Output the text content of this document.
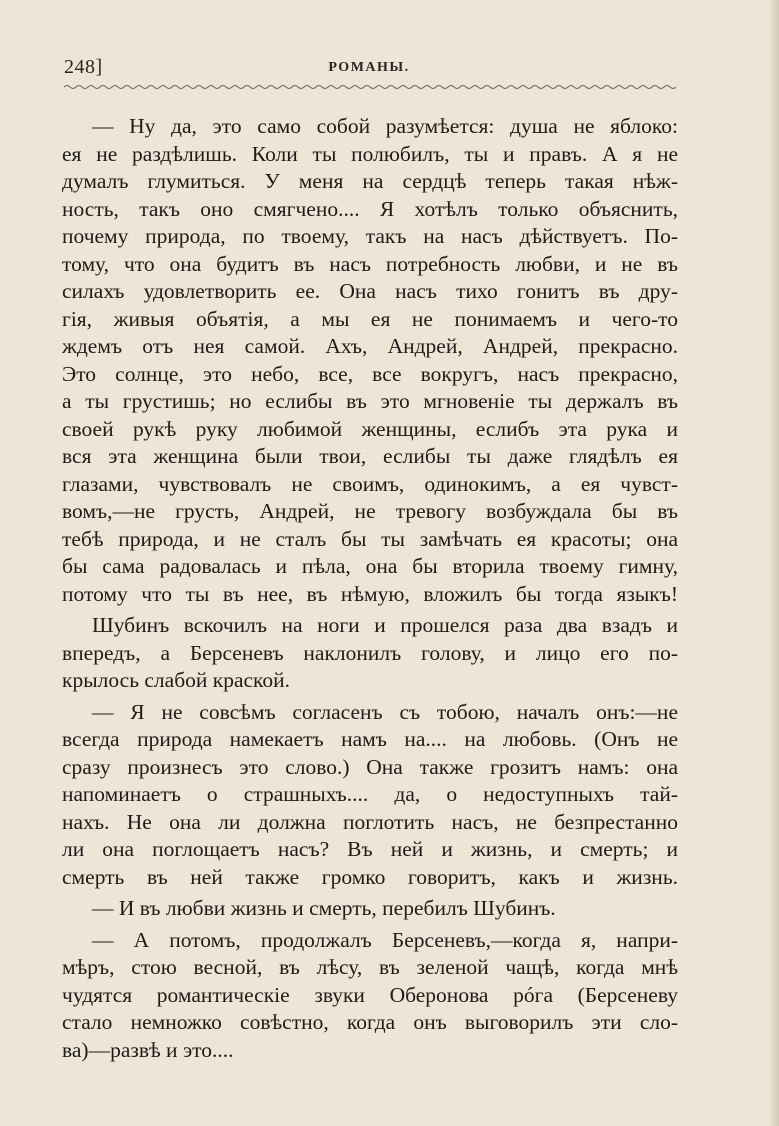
248]	РОМАНЫ.
— Ну да, это само собой разумѣется: душа не яблоко:
ея не раздѣлишь. Коли ты полюбилъ, ты и правъ. А я не
думалъ глумиться. У меня на сердцѣ теперь такая нѣж-
ность, такъ оно смягчено.... Я хотѣлъ только объяснить,
почему природа, по твоему, такъ на насъ дѣйствуетъ. По-
тому, что она будитъ въ насъ потребность любви, и не въ
силахъ удовлетворить ее. Она насъ тихо гонитъ въ дру-
гія, живыя объятія, а мы ея не понимаемъ и чего-то
ждемъ отъ нея самой. Ахъ, Андрей, Андрей, прекрасно.
Это солнце, это небо, все, все вокругъ, насъ прекрасно,
а ты грустишь; но еслибы въ это мгновеніе ты держалъ въ
своей рукѣ руку любимой женщины, еслибъ эта рука и
вся эта женщина были твои, еслибы ты даже глядѣлъ ея
глазами, чувствовалъ не своимъ, одинокимъ, а ея чувст-
вомъ,—не грусть, Андрей, не тревогу возбуждала бы въ
тебѣ природа, и не сталъ бы ты замѣчать ея красоты; она
бы сама радовалась и пѣла, она бы вторила твоему гимну,
потому что ты въ нее, въ нѣмую, вложилъ бы тогда языкъ!
Шубинъ вскочилъ на ноги и прошелся раза два взадъ и
впередъ, а Берсеневъ наклонилъ голову, и лицо его по-
крылось слабой краской.
— Я не совсѣмъ согласенъ съ тобою, началъ онъ:—не
всегда природа намекаетъ намъ на.... на любовь. (Онъ не
сразу произнесъ это слово.) Она также грозитъ намъ: она
напоминаетъ о страшныхъ.... да, о недоступныхъ тай-
нахъ. Не она ли должна поглотить насъ, не безпрестанно
ли она поглощаетъ насъ? Въ ней и жизнь, и смерть; и
смерть въ ней также громко говоритъ, какъ и жизнь.
— И въ любви жизнь и смерть, перебилъ Шубинъ.
— А потомъ, продолжалъ Берсеневъ,—когда я, напри-
мѣръ, стою весной, въ лѣсу, въ зеленой чащѣ, когда мнѣ
чудятся романтическіе звуки Оберонова рóга (Берсеневу
стало немножко совѣстно, когда онъ выговорилъ эти сло-
ва)—развѣ и это....
